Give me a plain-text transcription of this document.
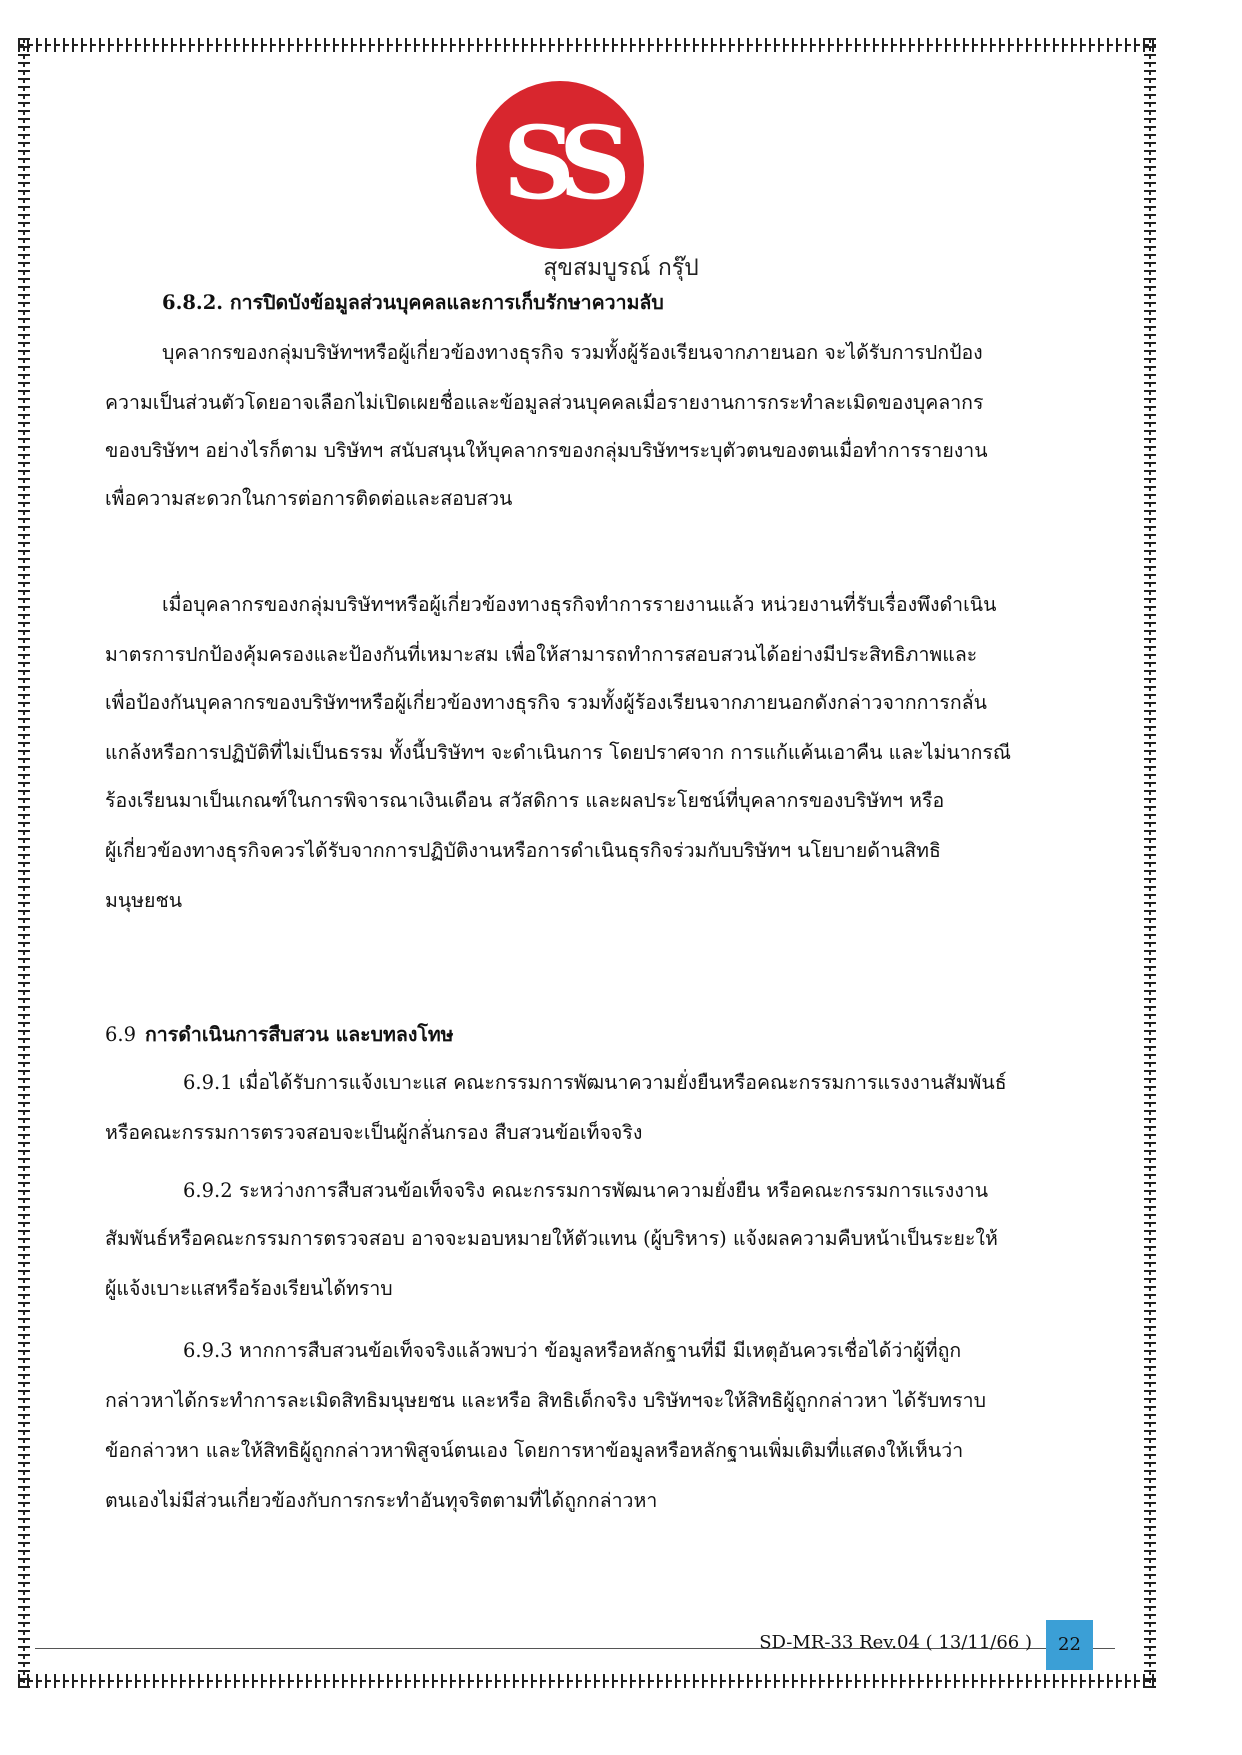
SS
สุขสมบูรณ์ กรุ๊ป
6.8.2. การปิดบังข้อมูลส่วนบุคคลและการเก็บรักษาความลับ
บุคลากรของกลุ่มบริษัทฯหรือผู้เกี่ยวข้องทางธุรกิจ รวมทั้งผู้ร้องเรียนจากภายนอก จะได้รับการปกป้อง
ความเป็นส่วนตัวโดยอาจเลือกไม่เปิดเผยชื่อและข้อมูลส่วนบุคคลเมื่อรายงานการกระทำละเมิดของบุคลากร
ของบริษัทฯ อย่างไรก็ตาม บริษัทฯ สนับสนุนให้บุคลากรของกลุ่มบริษัทฯระบุตัวตนของตนเมื่อทำการรายงาน
เพื่อความสะดวกในการต่อการติดต่อและสอบสวน
เมื่อบุคลากรของกลุ่มบริษัทฯหรือผู้เกี่ยวข้องทางธุรกิจทำการรายงานแล้ว หน่วยงานที่รับเรื่องพึงดำเนิน
มาตรการปกป้องคุ้มครองและป้องกันที่เหมาะสม เพื่อให้สามารถทำการสอบสวนได้อย่างมีประสิทธิภาพและ
เพื่อป้องกันบุคลากรของบริษัทฯหรือผู้เกี่ยวข้องทางธุรกิจ รวมทั้งผู้ร้องเรียนจากภายนอกดังกล่าวจากการกลั่น
แกล้งหรือการปฏิบัติที่ไม่เป็นธรรม ทั้งนี้บริษัทฯ จะดำเนินการ โดยปราศจาก การแก้แค้นเอาคืน และไม่นากรณี
ร้องเรียนมาเป็นเกณฑ์ในการพิจารณาเงินเดือน สวัสดิการ และผลประโยชน์ที่บุคลากรของบริษัทฯ หรือ
ผู้เกี่ยวข้องทางธุรกิจควรได้รับจากการปฏิบัติงานหรือการดำเนินธุรกิจร่วมกับบริษัทฯ นโยบายด้านสิทธิ
มนุษยชน
6.9 การดำเนินการสืบสวน และบทลงโทษ
6.9.1 เมื่อได้รับการแจ้งเบาะแส คณะกรรมการพัฒนาความยั่งยืนหรือคณะกรรมการแรงงานสัมพันธ์
หรือคณะกรรมการตรวจสอบจะเป็นผู้กลั่นกรอง สืบสวนข้อเท็จจริง
6.9.2 ระหว่างการสืบสวนข้อเท็จจริง คณะกรรมการพัฒนาความยั่งยืน หรือคณะกรรมการแรงงาน
สัมพันธ์หรือคณะกรรมการตรวจสอบ อาจจะมอบหมายให้ตัวแทน (ผู้บริหาร) แจ้งผลความคืบหน้าเป็นระยะให้
ผู้แจ้งเบาะแสหรือร้องเรียนได้ทราบ
6.9.3 หากการสืบสวนข้อเท็จจริงแล้วพบว่า ข้อมูลหรือหลักฐานที่มี มีเหตุอันควรเชื่อได้ว่าผู้ที่ถูก
กล่าวหาได้กระทำการละเมิดสิทธิมนุษยชน และหรือ สิทธิเด็กจริง บริษัทฯจะให้สิทธิผู้ถูกกล่าวหา ได้รับทราบ
ข้อกล่าวหา และให้สิทธิผู้ถูกกล่าวหาพิสูจน์ตนเอง โดยการหาข้อมูลหรือหลักฐานเพิ่มเติมที่แสดงให้เห็นว่า
ตนเองไม่มีส่วนเกี่ยวข้องกับการกระทำอันทุจริตตามที่ได้ถูกกล่าวหา
SD-MR-33 Rev.04 ( 13/11/66 )	22
